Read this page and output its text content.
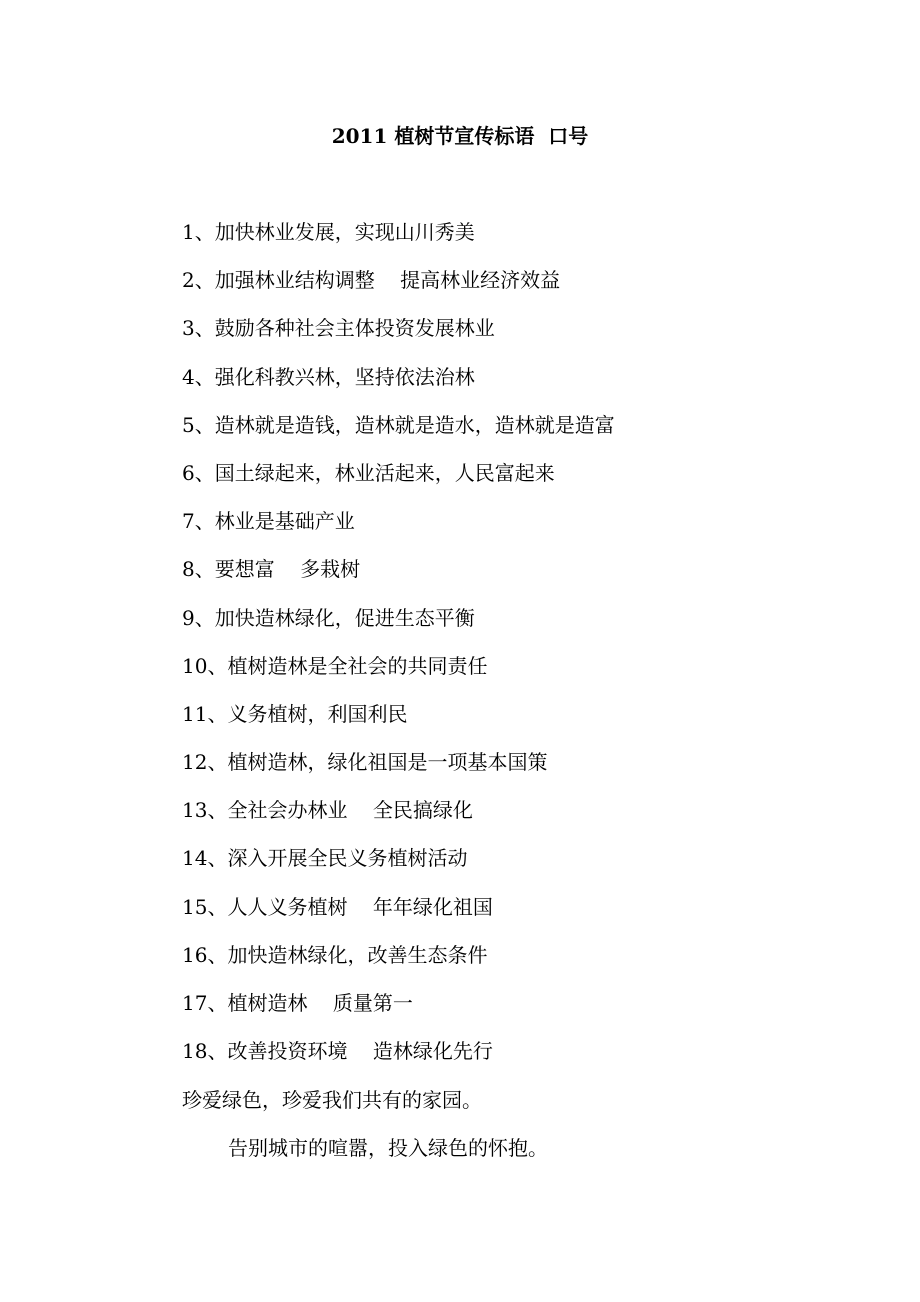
2011 植树节宣传标语  口号
1、加快林业发展，实现山川秀美
2、加强林业结构调整    提高林业经济效益
3、鼓励各种社会主体投资发展林业
4、强化科教兴林，坚持依法治林
5、造林就是造钱，造林就是造水，造林就是造富
6、国土绿起来，林业活起来，人民富起来
7、林业是基础产业
8、要想富    多栽树
9、加快造林绿化，促进生态平衡
10、植树造林是全社会的共同责任
11、义务植树，利国利民
12、植树造林，绿化祖国是一项基本国策
13、全社会办林业    全民搞绿化
14、深入开展全民义务植树活动
15、人人义务植树    年年绿化祖国
16、加快造林绿化，改善生态条件
17、植树造林    质量第一
18、改善投资环境    造林绿化先行
珍爱绿色，珍爱我们共有的家园。
告别城市的喧嚣，投入绿色的怀抱。
